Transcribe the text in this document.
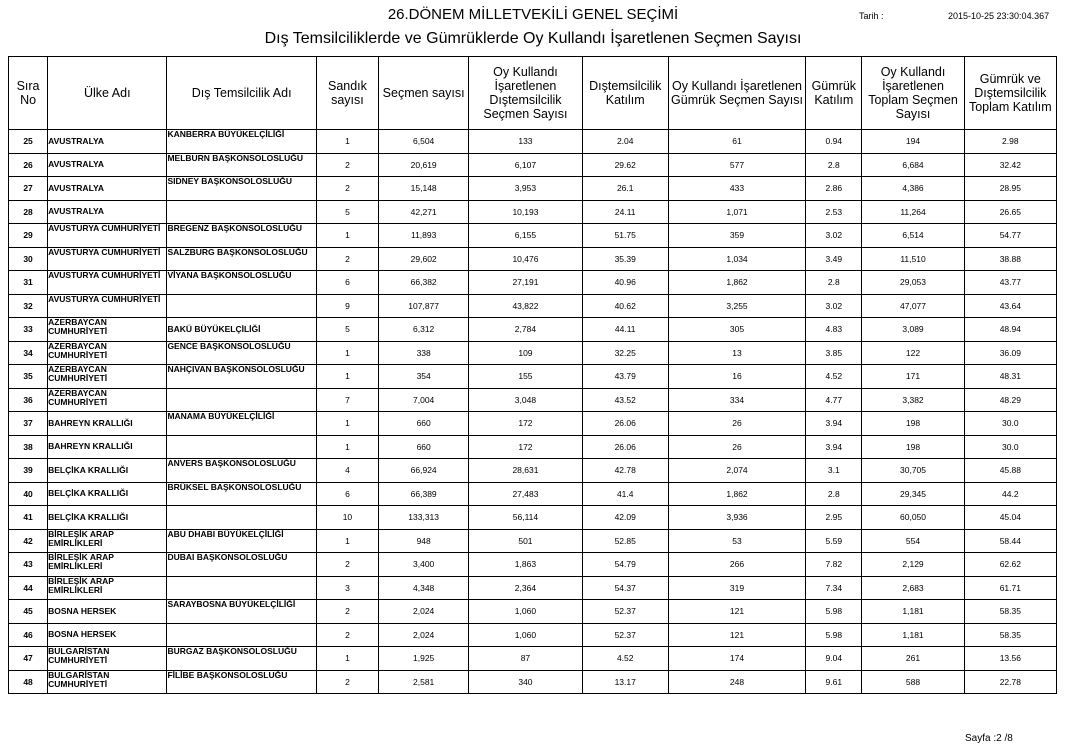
26.DÖNEM MİLLETVEKİLİ GENEL SEÇİMİ
Dış Temsilciliklerde ve Gümrüklerde Oy Kullandı İşaretlenen Seçmen Sayısı
Tarih :	2015-10-25 23:30:04.367
Sıra No	Ülke Adı	Dış Temsilcilik Adı	Sandık sayısı	Seçmen sayısı	Oy Kullandı İşaretlenen Dıştemsilcilik Seçmen Sayısı	Dıştemsilcilik Katılım	Oy Kullandı İşaretlenen Gümrük Seçmen Sayısı	Gümrük Katılım	Oy Kullandı İşaretlenen Toplam Seçmen Sayısı	Gümrük ve Dıştemsilcilik Toplam Katılım
25	AVUSTRALYA	KANBERRA BÜYÜKELÇİLİĞİ	1	6,504	133	2.04	61	0.94	194	2.98
26	AVUSTRALYA	MELBURN BAŞKONSOLOSLUĞU	2	20,619	6,107	29.62	577	2.8	6,684	32.42
27	AVUSTRALYA	SIDNEY BAŞKONSOLOSLUĞU	2	15,148	3,953	26.1	433	2.86	4,386	28.95
28	AVUSTRALYA		5	42,271	10,193	24.11	1,071	2.53	11,264	26.65
29	AVUSTURYA CUMHURİYETİ	BREGENZ BAŞKONSOLOSLUĞU	1	11,893	6,155	51.75	359	3.02	6,514	54.77
30	AVUSTURYA CUMHURİYETİ	SALZBURG BAŞKONSOLOSLUĞU	2	29,602	10,476	35.39	1,034	3.49	11,510	38.88
31	AVUSTURYA CUMHURİYETİ	VİYANA BAŞKONSOLOSLUĞU	6	66,382	27,191	40.96	1,862	2.8	29,053	43.77
32	AVUSTURYA CUMHURİYETİ		9	107,877	43,822	40.62	3,255	3.02	47,077	43.64
33	AZERBAYCAN CUMHURİYETİ	BAKÜ BÜYÜKELÇİLİĞİ	5	6,312	2,784	44.11	305	4.83	3,089	48.94
34	AZERBAYCAN CUMHURİYETİ	GENCE BAŞKONSOLOSLUĞU	1	338	109	32.25	13	3.85	122	36.09
35	AZERBAYCAN CUMHURİYETİ	NAHÇIVAN BAŞKONSOLOSLUĞU	1	354	155	43.79	16	4.52	171	48.31
36	AZERBAYCAN CUMHURİYETİ		7	7,004	3,048	43.52	334	4.77	3,382	48.29
37	BAHREYN KRALLIĞI	MANAMA BÜYÜKELÇİLİĞİ	1	660	172	26.06	26	3.94	198	30.0
38	BAHREYN KRALLIĞI		1	660	172	26.06	26	3.94	198	30.0
39	BELÇİKA KRALLIĞI	ANVERS BAŞKONSOLOSLUĞU	4	66,924	28,631	42.78	2,074	3.1	30,705	45.88
40	BELÇİKA KRALLIĞI	BRÜKSEL BAŞKONSOLOSLUĞU	6	66,389	27,483	41.4	1,862	2.8	29,345	44.2
41	BELÇİKA KRALLIĞI		10	133,313	56,114	42.09	3,936	2.95	60,050	45.04
42	BİRLEŞİK ARAP EMİRLİKLERİ	ABU DHABI BÜYÜKELÇİLİĞİ	1	948	501	52.85	53	5.59	554	58.44
43	BİRLEŞİK ARAP EMİRLİKLERİ	DUBAI BAŞKONSOLOSLUĞU	2	3,400	1,863	54.79	266	7.82	2,129	62.62
44	BİRLEŞİK ARAP EMİRLİKLERİ		3	4,348	2,364	54.37	319	7.34	2,683	61.71
45	BOSNA HERSEK	SARAYBOSNA BÜYÜKELÇİLİĞİ	2	2,024	1,060	52.37	121	5.98	1,181	58.35
46	BOSNA HERSEK		2	2,024	1,060	52.37	121	5.98	1,181	58.35
47	BULGARİSTAN CUMHURİYETİ	BURGAZ BAŞKONSOLOSLUĞU	1	1,925	87	4.52	174	9.04	261	13.56
48	BULGARİSTAN CUMHURİYETİ	FİLİBE BAŞKONSOLOSLUĞU	2	2,581	340	13.17	248	9.61	588	22.78
Sayfa :2 /8
